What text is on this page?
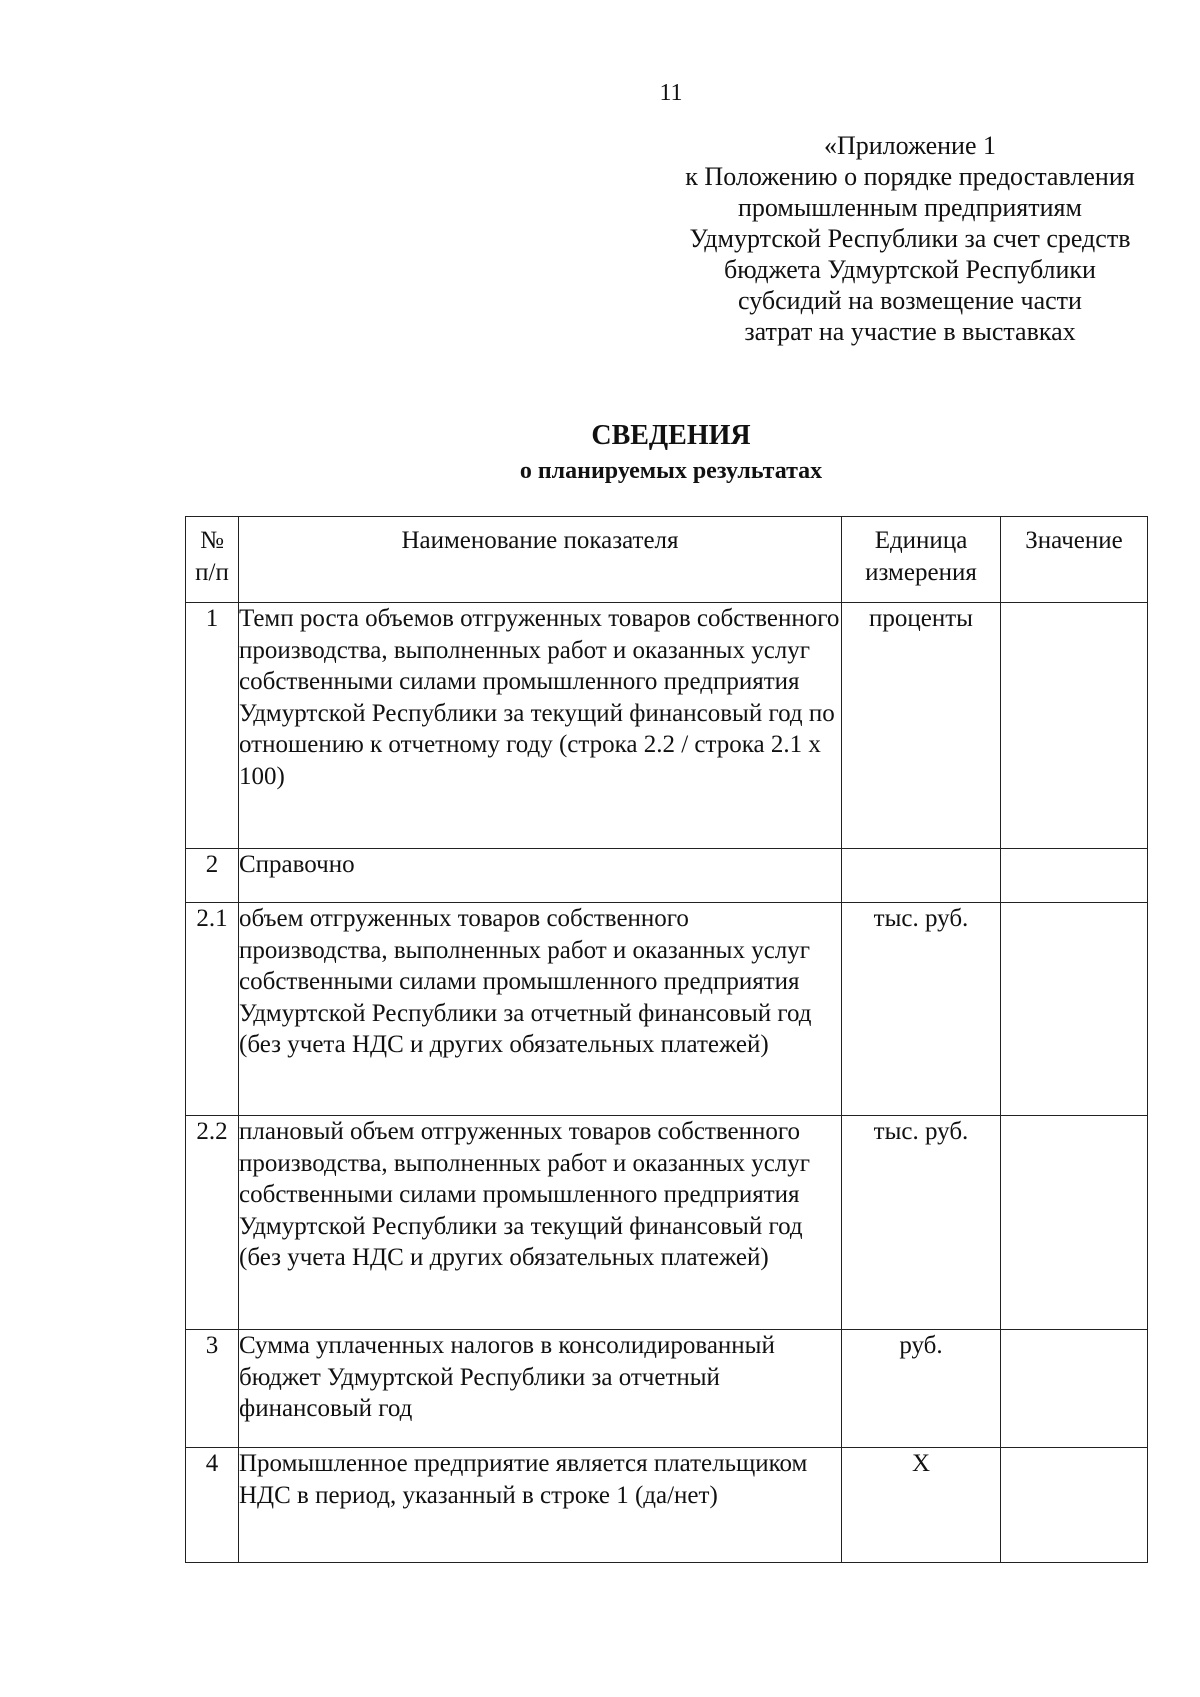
11
«Приложение 1
к Положению о порядке предоставления
промышленным предприятиям
Удмуртской Республики за счет средств
бюджета Удмуртской Республики
субсидий на возмещение части
затрат на участие в выставках
СВЕДЕНИЯ
о планируемых результатах
№ п/п	Наименование показателя	Единица измерения	Значение
1	Темп роста объемов отгруженных товаров собственного производства, выполненных работ и оказанных услуг собственными силами промышленного предприятия Удмуртской Республики за текущий финансовый год по отношению к отчетному году (строка 2.2 / строка 2.1 х 100)	проценты	
2	Справочно		
2.1	объем отгруженных товаров собственного производства, выполненных работ и оказанных услуг собственными силами промышленного предприятия Удмуртской Республики за отчетный финансовый год (без учета НДС и других обязательных платежей)	тыс. руб.	
2.2	плановый объем отгруженных товаров собственного производства, выполненных работ и оказанных услуг собственными силами промышленного предприятия Удмуртской Республики за текущий финансовый год (без учета НДС и других обязательных платежей)	тыс. руб.	
3	Сумма уплаченных налогов в консолидированный бюджет Удмуртской Республики за отчетный финансовый год	руб.	
4	Промышленное предприятие является плательщиком НДС в период, указанный в строке 1 (да/нет)	Х	
